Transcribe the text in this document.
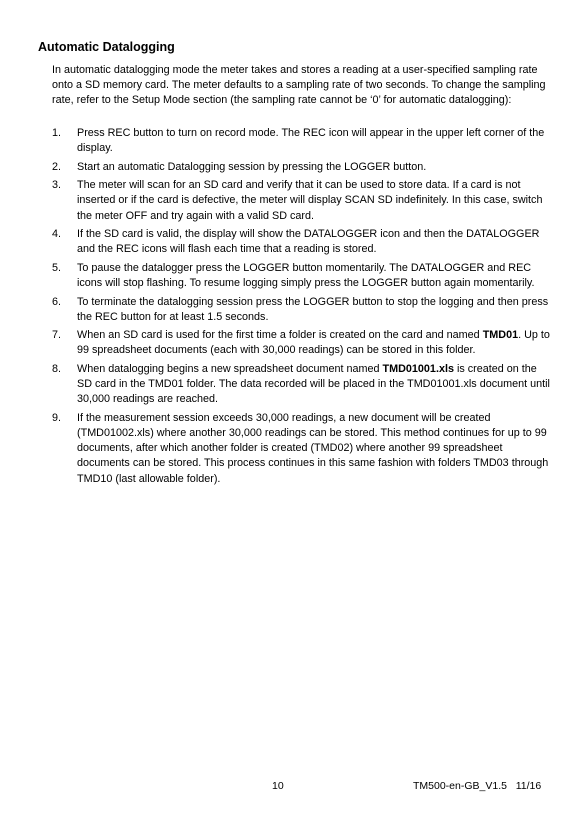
Automatic Datalogging

In automatic datalogging mode the meter takes and stores a reading at a user-specified sampling rate onto a SD memory card. The meter defaults to a sampling rate of two seconds. To change the sampling rate, refer to the Setup Mode section (the sampling rate cannot be ‘0’ for automatic datalogging):

1. Press REC button to turn on record mode. The REC icon will appear in the upper left corner of the display.
2. Start an automatic Datalogging session by pressing the LOGGER button.
3. The meter will scan for an SD card and verify that it can be used to store data. If a card is not inserted or if the card is defective, the meter will display SCAN SD indefinitely. In this case, switch the meter OFF and try again with a valid SD card.
4. If the SD card is valid, the display will show the DATALOGGER icon and then the DATALOGGER and the REC icons will flash each time that a reading is stored.
5. To pause the datalogger press the LOGGER button momentarily. The DATALOGGER and REC icons will stop flashing. To resume logging simply press the LOGGER button again momentarily.
6. To terminate the datalogging session press the LOGGER button to stop the logging and then press the REC button for at least 1.5 seconds.
7. When an SD card is used for the first time a folder is created on the card and named TMD01. Up to 99 spreadsheet documents (each with 30,000 readings) can be stored in this folder.
8. When datalogging begins a new spreadsheet document named TMD01001.xls is created on the SD card in the TMD01 folder. The data recorded will be placed in the TMD01001.xls document until 30,000 readings are reached.
9. If the measurement session exceeds 30,000 readings, a new document will be created (TMD01002.xls) where another 30,000 readings can be stored. This method continues for up to 99 documents, after which another folder is created (TMD02) where another 99 spreadsheet documents can be stored. This process continues in this same fashion with folders TMD03 through TMD10 (last allowable folder).
10	TM500-en-GB_V1.5   11/16
